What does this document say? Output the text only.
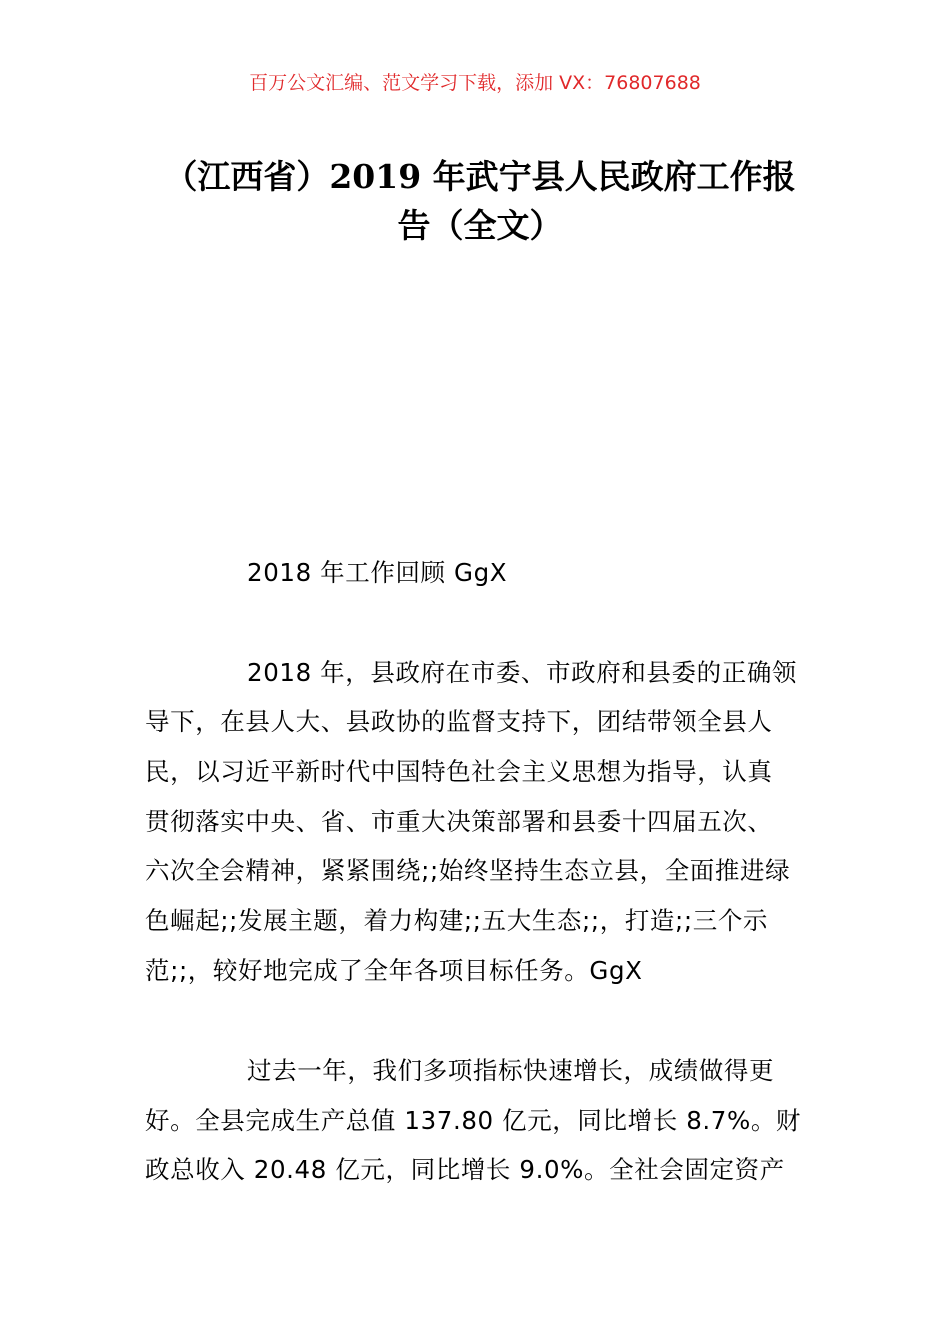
百万公文汇编、范文学习下载，添加 VX：76807688
（江西省）2019 年武宁县人民政府工作报
告（全文）
2018 年工作回顾 GgX
2018 年，县政府在市委、市政府和县委的正确领
导下，在县人大、县政协的监督支持下，团结带领全县人
民，以习近平新时代中国特色社会主义思想为指导，认真
贯彻落实中央、省、市重大决策部署和县委十四届五次、
六次全会精神，紧紧围绕;;始终坚持生态立县，全面推进绿
色崛起;;发展主题，着力构建;;五大生态;;，打造;;三个示
范;;，较好地完成了全年各项目标任务。GgX
过去一年，我们多项指标快速增长，成绩做得更
好。全县完成生产总值 137.80 亿元，同比增长 8.7%。财
政总收入 20.48 亿元，同比增长 9.0%。全社会固定资产
